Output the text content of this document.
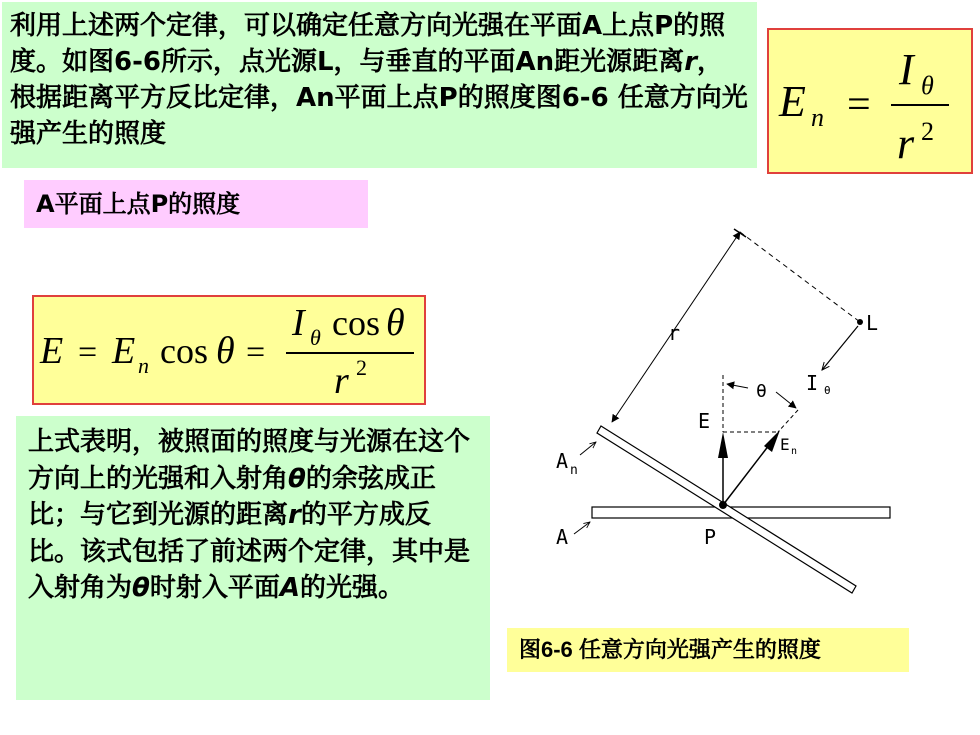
利用上述两个定律，可以确定任意方向光强在平面A上点P的照度。如图6-6所示，点光源L，与垂直的平面An距光源距离r，根据距离平方反比定律，An平面上点P的照度图6-6 任意方向光强产生的照度
E n =
I θ
r 2
A平面上点P的照度
E = E n cos θ =
I θ cos θ
r 2
上式表明，被照面的照度与光源在这个方向上的光强和入射角θ的余弦成正比；与它到光源的距离r的平方成反比。该式包括了前述两个定律，其中是入射角为θ时射入平面A的光强。
r	L
I θ
θ
E
E n
A n
A	P
图6-6 任意方向光强产生的照度
